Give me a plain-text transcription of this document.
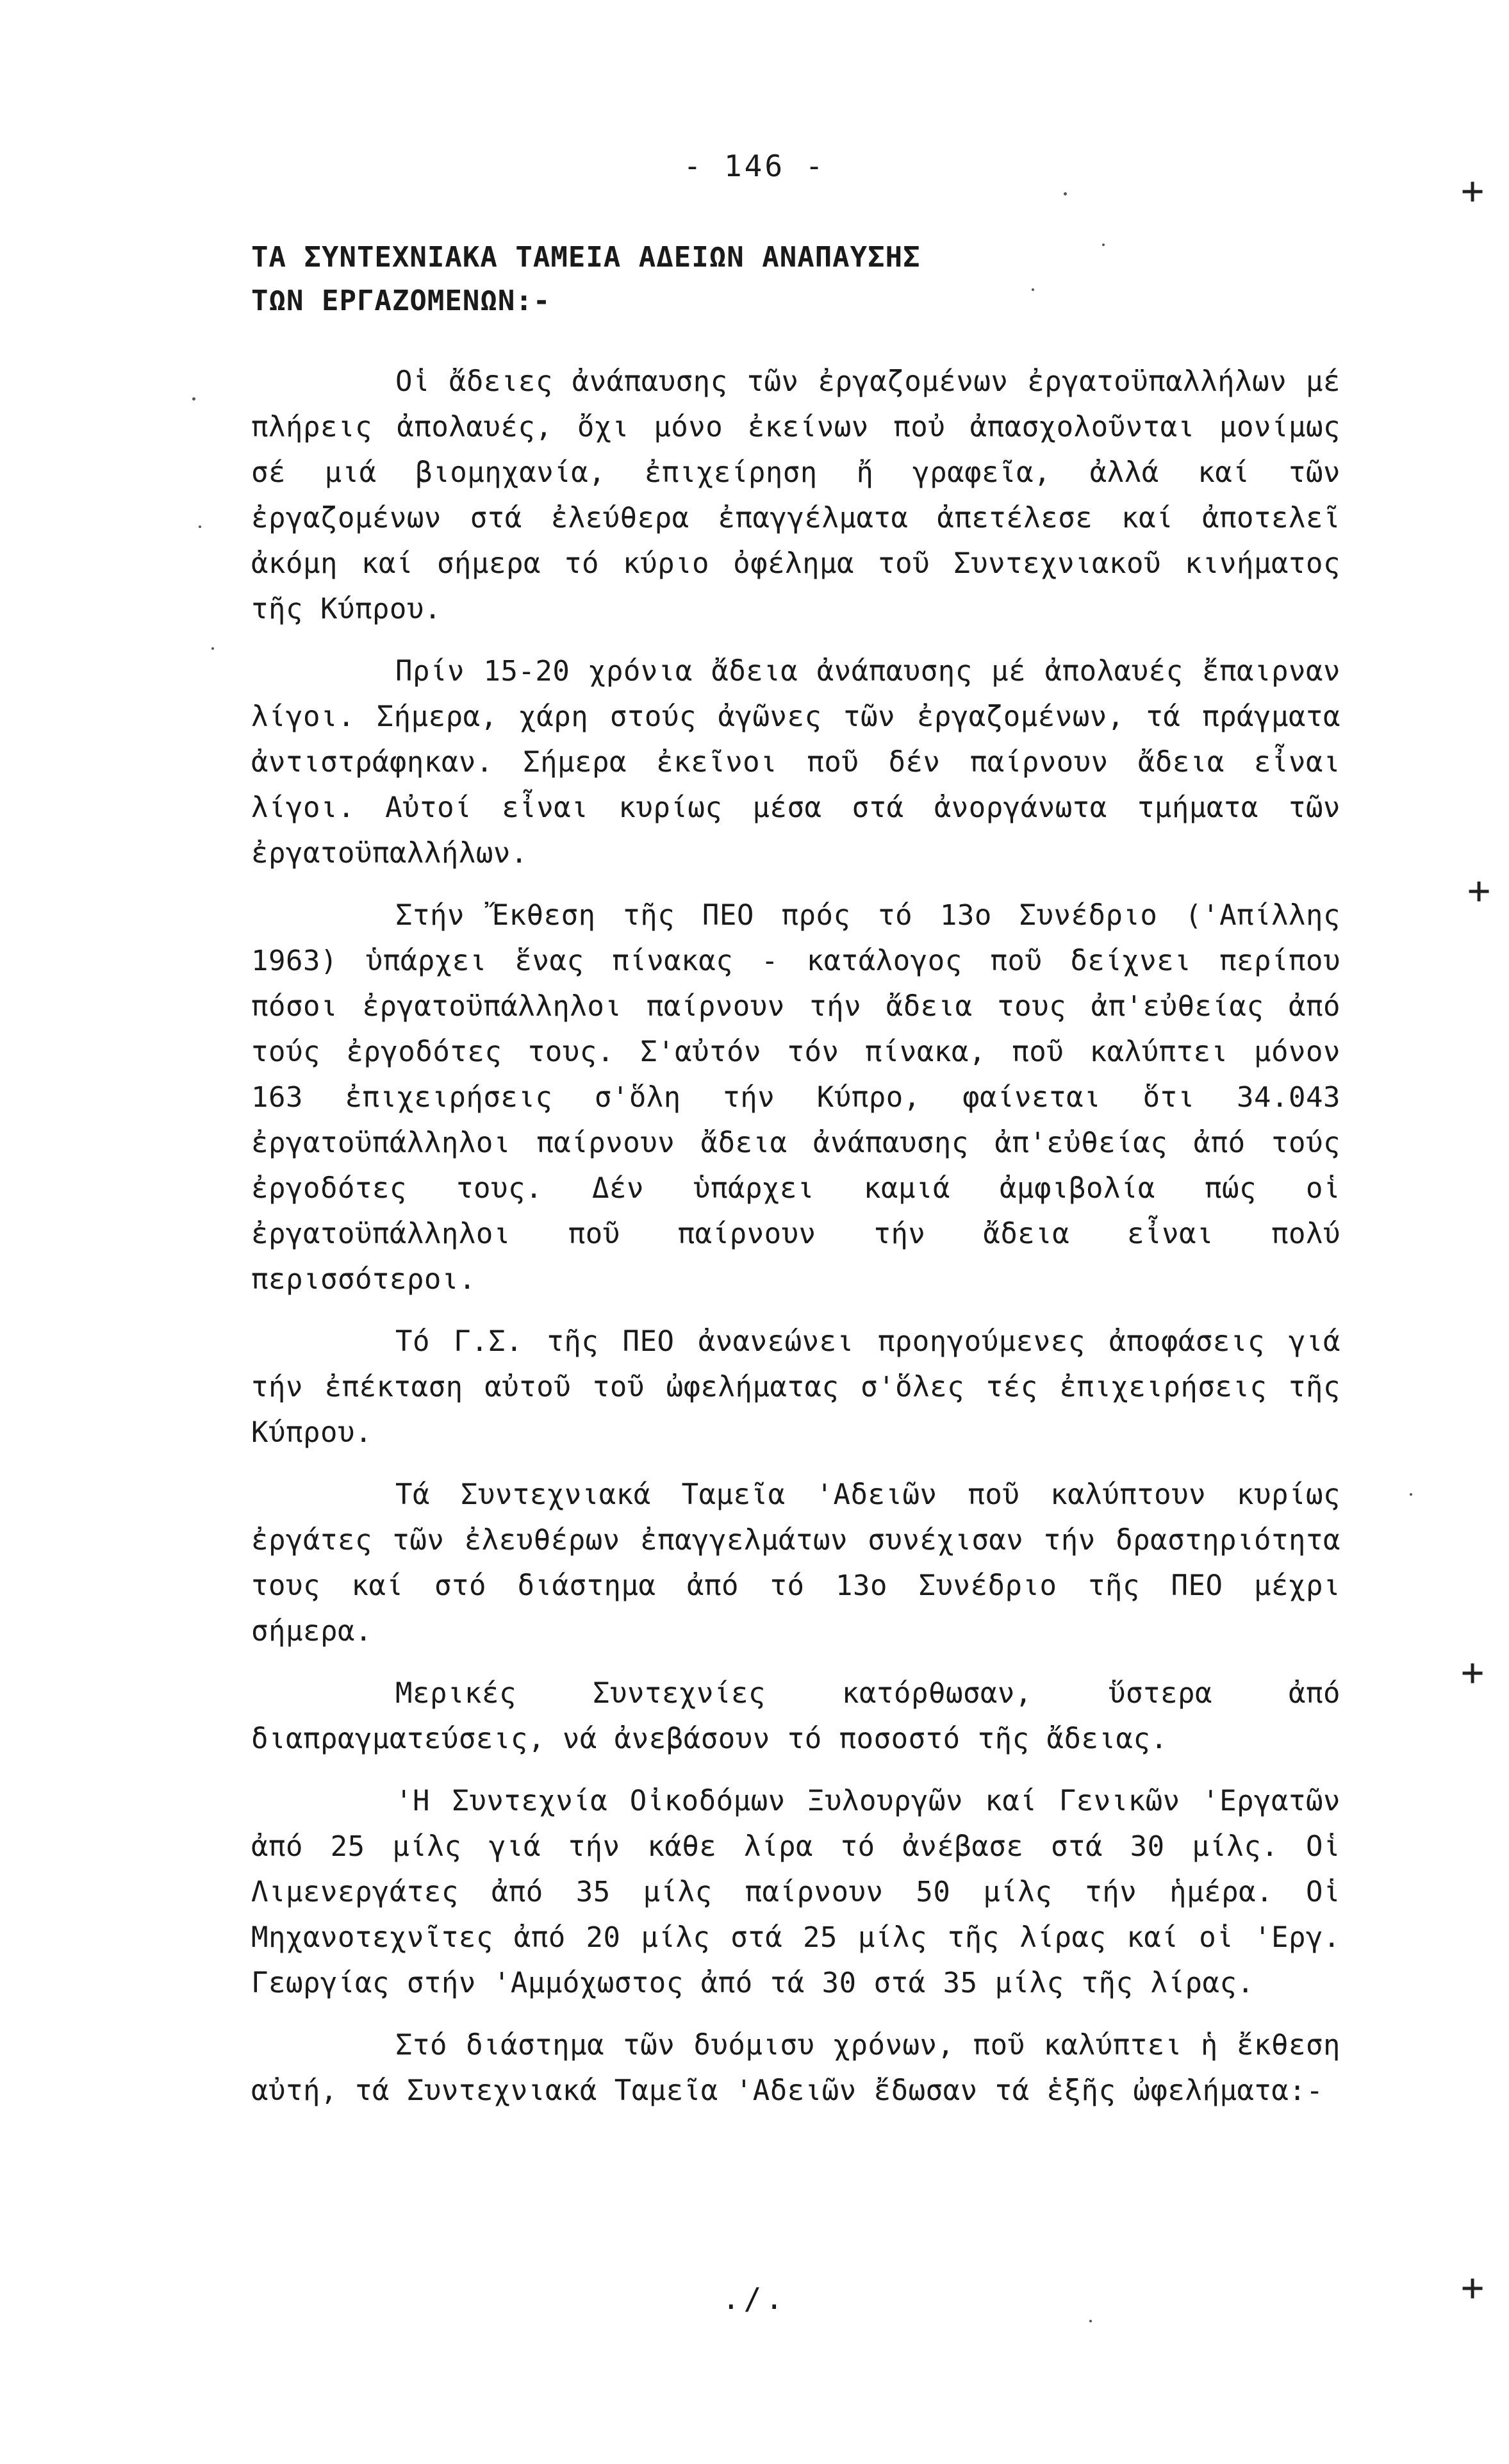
- 146 -
ΤΑ ΣΥΝΤΕΧΝΙΑΚΑ ΤΑΜΕΙΑ ΑΔΕΙΩΝ ΑΝΑΠΑΥΣΗΣ
ΤΩΝ ΕΡΓΑΖΟΜΕΝΩΝ:-

Οἱ ἄδειες ἀνάπαυσης τῶν ἐργαζομένων ἐργατοϋπαλλήλων μέ πλήρεις ἀπολαυές, ὄχι μόνο ἐκείνων ποὐ ἀπασχολοῦνται μονίμως σέ μιά βιομηχανία, ἐπιχείρηση ἤ γραφεῖα, ἀλλά καί τῶν ἐργαζομένων στά ἐλεύθερα ἐπαγγέλματα ἀπετέλεσε καί ἀποτελεῖ ἀκόμη καί σήμερα τό κύριο ὀφέλημα τοῦ Συντεχνιακοῦ κινήματος τῆς Κύπρου.

Πρίν 15-20 χρόνια ἄδεια ἀνάπαυσης μέ ἀπολαυές ἔπαιρναν λίγοι. Σήμερα, χάρη στούς ἀγῶνες τῶν ἐργαζομένων, τά πράγματα ἀντιστράφηκαν. Σήμερα ἐκεῖνοι ποῦ δέν παίρνουν ἄδεια εἶναι λίγοι. Αὐτοί εἶναι κυρίως μέσα στά ἀνοργάνωτα τμήματα τῶν ἐργατοϋπαλλήλων.

Στήν Ἔκθεση τῆς ΠΕΟ πρός τό 13ο Συνέδριο ('Απίλλης 1963) ὑπάρχει ἕνας πίνακας - κατάλογος ποῦ δείχνει περίπου πόσοι ἐργατοϋπάλληλοι παίρνουν τήν ἄδεια τους ἀπ'εὐθείας ἀπό τούς ἐργοδότες τους. Σ'αὐτόν τόν πίνακα, ποῦ καλύπτει μόνον 163 ἐπιχειρήσεις σ'ὅλη τήν Κύπρο, φαίνεται ὅτι 34.043 ἐργατοϋπάλληλοι παίρνουν ἄδεια ἀνάπαυσης ἀπ'εὐθείας ἀπό τούς ἐργοδότες τους. Δέν ὑπάρχει καμιά ἀμφιβολία πώς οἱ ἐργατοϋπάλληλοι ποῦ παίρνουν τήν ἄδεια εἶναι πολύ περισσότεροι.

Τό Γ.Σ. τῆς ΠΕΟ ἀνανεώνει προηγούμενες ἀποφάσεις γιά τήν ἐπέκταση αὐτοῦ τοῦ ὠφελήματας σ'ὅλες τές ἐπιχειρήσεις τῆς Κύπρου.

Τά Συντεχνιακά Ταμεῖα 'Αδειῶν ποῦ καλύπτουν κυρίως ἐργάτες τῶν ἐλευθέρων ἐπαγγελμάτων συνέχισαν τήν δραστηριότητα τους καί στό διάστημα ἀπό τό 13ο Συνέδριο τῆς ΠΕΟ μέχρι σήμερα.

Μερικές Συντεχνίες κατόρθωσαν, ὕστερα ἀπό διαπραγματεύσεις, νά ἀνεβάσουν τό ποσοστό τῆς ἄδειας.

'Η Συντεχνία Οἰκοδόμων Ξυλουργῶν καί Γενικῶν 'Εργατῶν ἀπό 25 μίλς γιά τήν κάθε λίρα τό ἀνέβασε στά 30 μίλς. Οἱ Λιμενεργάτες ἀπό 35 μίλς παίρνουν 50 μίλς τήν ἡμέρα. Οἱ Μηχανοτεχνῖτες ἀπό 20 μίλς στά 25 μίλς τῆς λίρας καί οἱ 'Εργ. Γεωργίας στήν 'Αμμόχωστος ἀπό τά 30 στά 35 μίλς τῆς λίρας.

Στό διάστημα τῶν δυόμισυ χρόνων, ποῦ καλύπτει ἡ ἔκθεση αὐτή, τά Συντεχνιακά Ταμεῖα 'Αδειῶν ἔδωσαν τά ἑξῆς ὠφελήματα:-

./.
+
+
+
+
